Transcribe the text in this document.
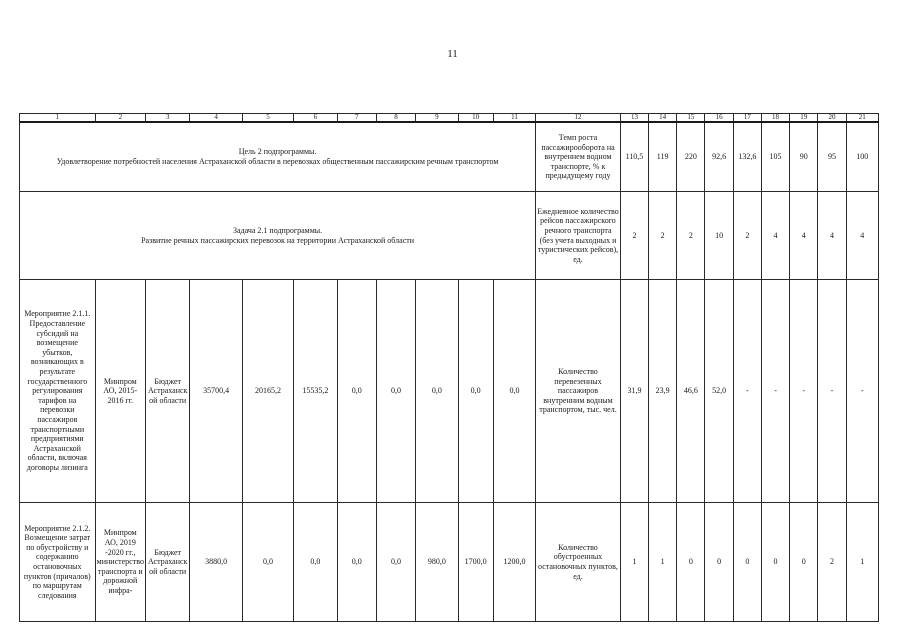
11
1	2	3	4	5	6	7	8	9	10	11	12	13	14	15	16	17	18	19	20	21

Цель 2 подпрограммы.
Удовлетворение потребностей населения Астраханской области в перевозках общественным пассажирским речным транспортом											Темп роста пассажирооборота на внутреннем водном транспорте, % к предыдущему году	110,5	119	220	92,6	132,6	105	90	95	100

Задача 2.1 подпрограммы.
Развитие речных пассажирских перевозок на территории Астраханской области											Ежедневное количество рейсов пассажирского речного транспорта (без учета выходных и туристических рейсов), ед.	2	2	2	10	2	4	4	4	4
Мероприятие 2.1.1. Предоставление субсидий на возмещение убытков, возникающих в результате государственного регулирования тарифов на перевозки пассажиров транспортными предприятиями Астраханской области, включая договоры лизинга	Минпром АО, 2015-2016 гг.	Бюджет Астраханской области	35700,4	20165,2	15535,2	0,0	0,0	0,0	0,0	0,0	Количество перевезенных пассажиров внутренним водным транспортом, тыс. чел.	31,9	23,9	46,6	52,0	-	-	-	-	-
Мероприятие 2.1.2. Возмещение затрат по обустройству и содержанию остановочных пунктов (причалов) по маршрутам следования	Минпром АО, 2019 -2020 гг., министерство транспорта и дорожной инфра-	Бюджет Астраханской области	3880,0	0,0	0,0	0,0	0,0	980,0	1700,0	1200,0	Количество обустроенных остановочных пунктов, ед.	1	1	0	0	0	0	0	2	1
